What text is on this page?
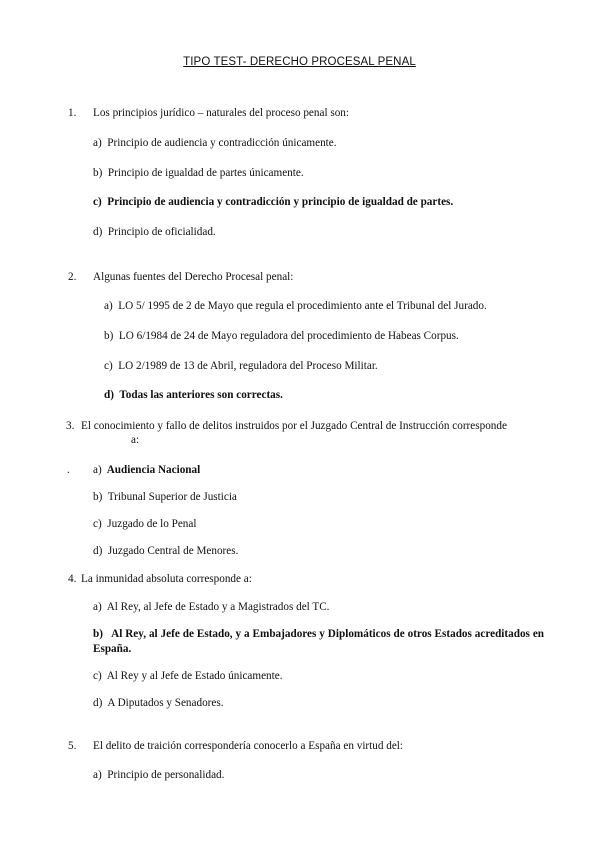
TIPO TEST- DERECHO PROCESAL PENAL
1. Los principios jurídico – naturales del proceso penal son:
a) Principio de audiencia y contradicción únicamente.
b) Principio de igualdad de partes únicamente.
c) Principio de audiencia y contradicción y principio de igualdad de partes.
d) Principio de oficialidad.
2. Algunas fuentes del Derecho Procesal penal:
a) LO 5/ 1995 de 2 de Mayo que regula el procedimiento ante el Tribunal del Jurado.
b) LO 6/1984 de 24 de Mayo reguladora del procedimiento de Habeas Corpus.
c) LO 2/1989 de 13 de Abril, reguladora del Proceso Militar.
d) Todas las anteriores son correctas.
3. El conocimiento y fallo de delitos instruidos por el Juzgado Central de Instrucción corresponde
a:
. a) Audiencia Nacional
b) Tribunal Superior de Justicia
c) Juzgado de lo Penal
d) Juzgado Central de Menores.
4. La inmunidad absoluta corresponde a:
a) Al Rey, al Jefe de Estado y a Magistrados del TC.
b) Al Rey, al Jefe de Estado, y a Embajadores y Diplomáticos de otros Estados acreditados en España.
c) Al Rey y al Jefe de Estado únicamente.
d) A Diputados y Senadores.
5. El delito de traición correspondería conocerlo a España en virtud del:
a) Principio de personalidad.
